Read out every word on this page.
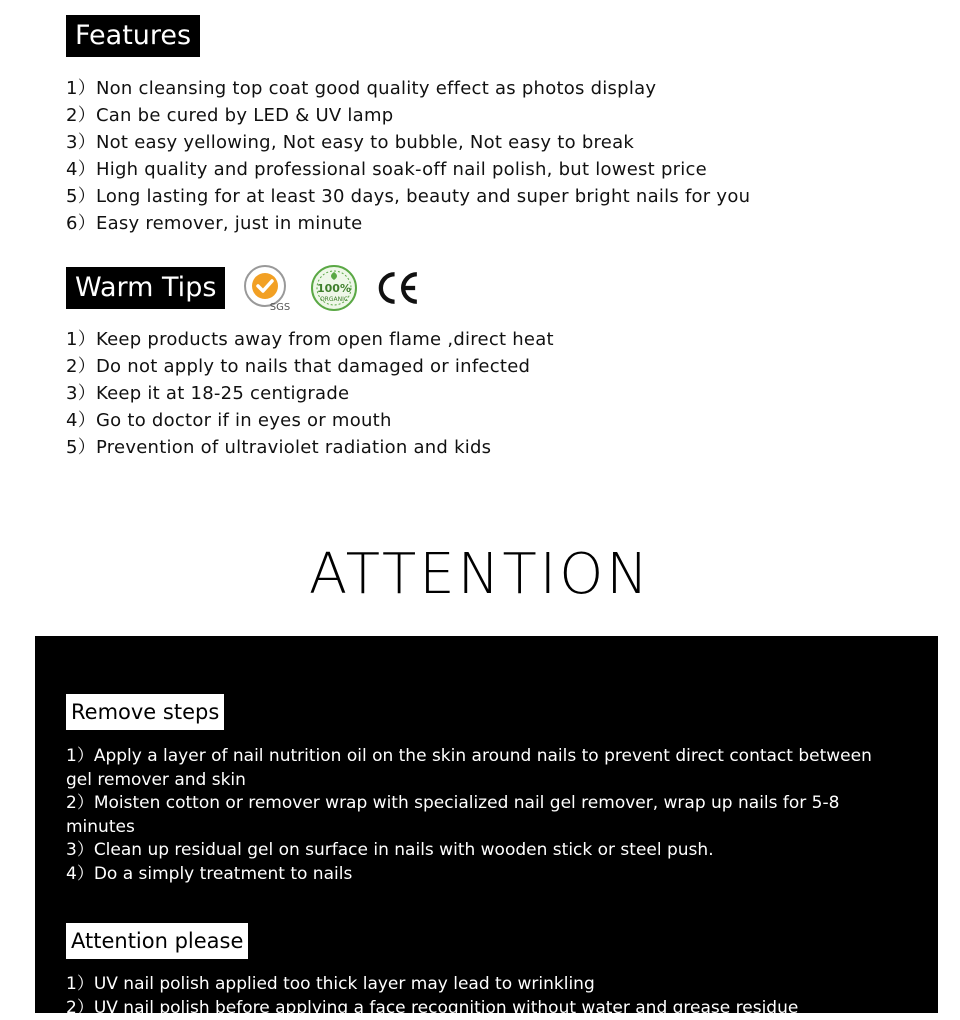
Features
1）Non cleansing top coat good quality effect as photos display
2）Can be cured by LED & UV lamp
3）Not easy yellowing, Not easy to bubble, Not easy to break
4）High quality and professional soak-off nail polish, but lowest price
5）Long lasting for at least 30 days, beauty and super bright nails for you
6）Easy remover, just in minute
Warm Tips
SGS
100%
ORGANIC
1）Keep products away from open flame ,direct heat
2）Do not apply to nails that damaged or infected
3）Keep it at 18-25 centigrade
4）Go to doctor if in eyes or mouth
5）Prevention of ultraviolet radiation and kids
ATTENTION
Remove steps
1）Apply a layer of nail nutrition oil on the skin around nails to prevent direct contact between gel remover and skin
2）Moisten cotton or remover wrap with specialized nail gel remover, wrap up nails for 5-8 minutes
3）Clean up residual gel on surface in nails with wooden stick or steel push.
4）Do a simply treatment to nails
Attention please
1）UV nail polish applied too thick layer may lead to wrinkling
2）UV nail polish before applying a face recognition without water and grease residue
